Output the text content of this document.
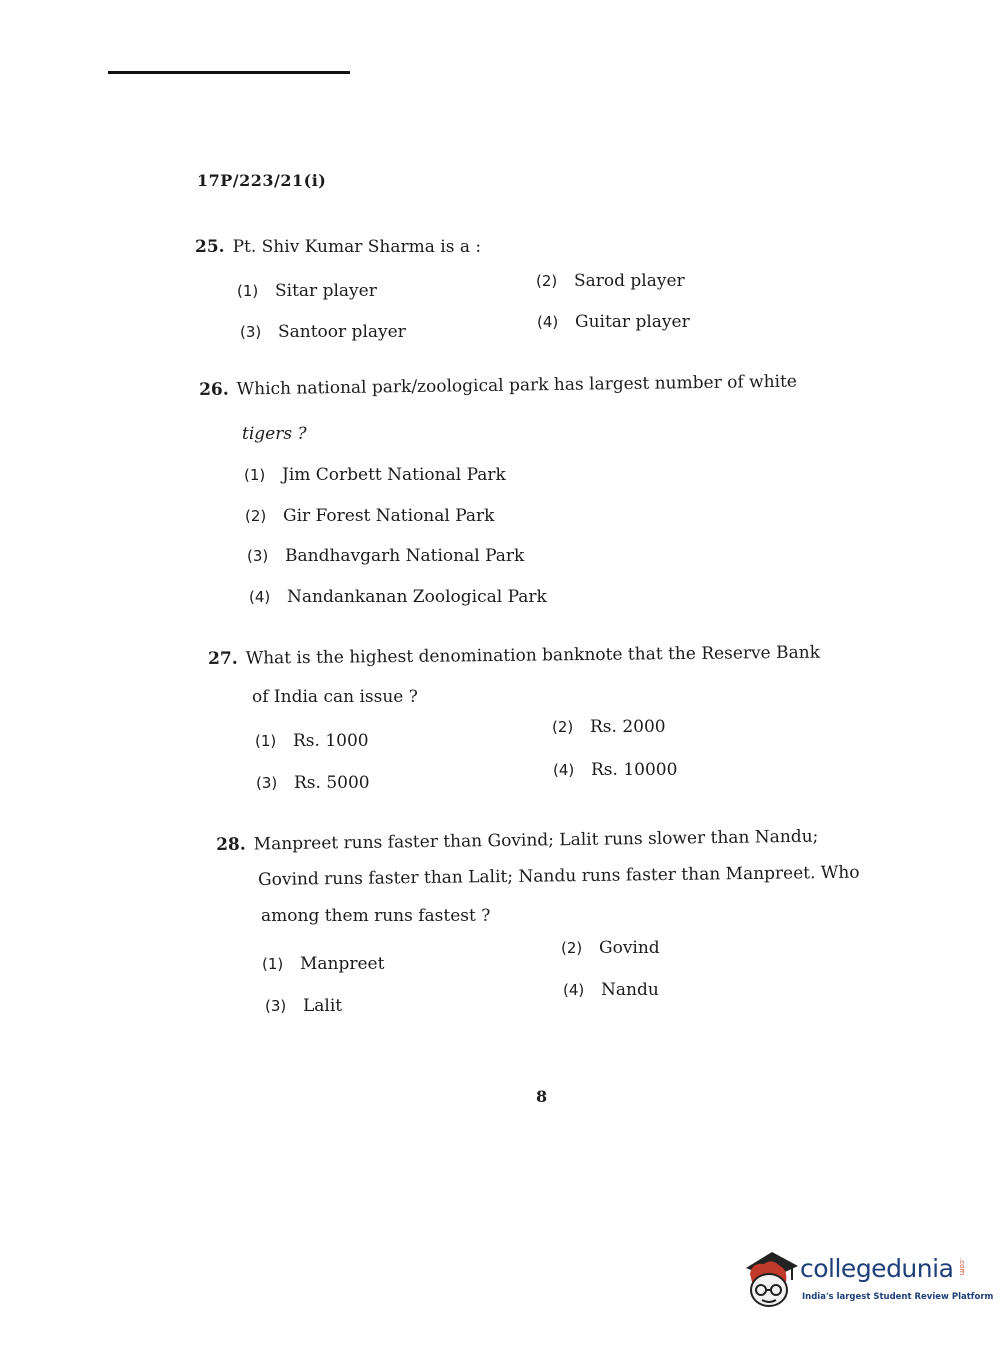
17P/223/21(i)
25. Pt. Shiv Kumar Sharma is a :
(1) Sitar player	(2) Sarod player
(3) Santoor player	(4) Guitar player
26. Which national park/zoological park has largest number of white
tigers ?
(1) Jim Corbett National Park
(2) Gir Forest National Park
(3) Bandhavgarh National Park
(4) Nandankanan Zoological Park
27. What is the highest denomination banknote that the Reserve Bank
of India can issue ?
(1) Rs. 1000
(2) Rs. 2000
(3) Rs. 5000
(4) Rs. 10000
28. Manpreet runs faster than Govind; Lalit runs slower than Nandu;
Govind runs faster than Lalit; Nandu runs faster than Manpreet. Who
among them runs fastest ?
(1) Manpreet
(2) Govind
(3) Lalit
(4) Nandu
8
collegedunia .com
India's largest Student Review Platform
